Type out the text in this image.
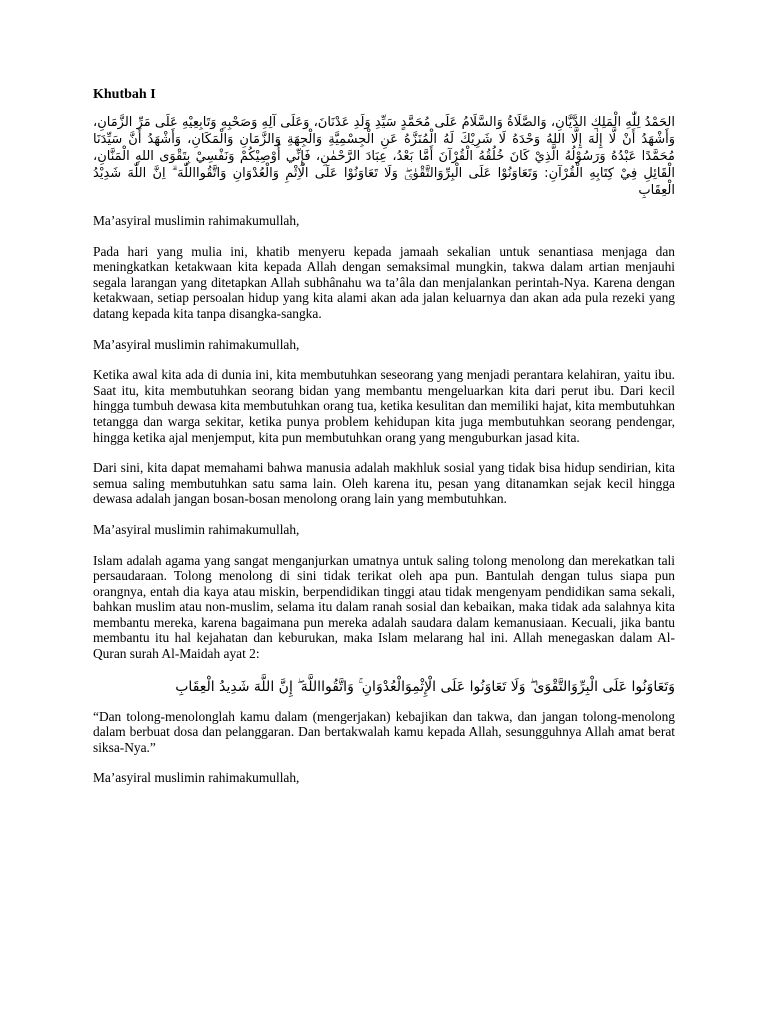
Khutbah I
الحَمْدُ لِلّٰهِ الْمَلِكِ الدَّيَّانِ، وَالصَّلَاةُ وَالسَّلَامُ عَلَى مُحَمَّدٍ سَيِّدِ وَلَدِ عَدْنَانَ، وَعَلَى آلِهِ وَصَحْبِهِ وَتَابِعِيْهِ عَلَى مَرِّ الزَّمَانِ، وَأَشْهَدُ أَنْ لَّا إِلٰهَ إِلَّا اللهُ وَحْدَهُ لَا شَرِيْكَ لَهُ الْمُنَزَّهُ عَنِ الْجِسْمِيَّةِ وَالْجِهَةِ وَالزَّمَانِ وَالْمَكَانِ، وَأَشْهَدُ أَنَّ سَيِّدَنَا مُحَمَّدًا عَبْدُهُ وَرَسُوْلُهُ الَّذِيْ كَانَ خُلُقُهُ الْقُرْآنَ أَمَّا بَعْدُ، عِبَادَ الرَّحْمٰنِ، فَإِنِّي أُوْصِيْكُمْ وَنَفْسِيْ بِتَقْوَى اللهِ الْمَنَّانِ، الْقَائِلِ فِيْ كِتَابِهِ الْقُرْآنِ: وَتَعَاوَنُوْا عَلَى الْبِرِّوَالتَّقْوٰىۖ وَلَا تَعَاوَنُوْا عَلَى الْاِثْمِ وَالْعُدْوَانِ وَاتَّقُوااللّٰهَ ۗ اِنَّ اللّٰهَ شَدِيْدُ الْعِقَابِ
Ma’asyiral muslimin rahimakumullah,
Pada hari yang mulia ini, khatib menyeru kepada jamaah sekalian untuk senantiasa menjaga dan meningkatkan ketakwaan kita kepada Allah dengan semaksimal mungkin, takwa dalam artian menjauhi segala larangan yang ditetapkan Allah subhânahu wa ta’âla dan menjalankan perintah-Nya. Karena dengan ketakwaan, setiap persoalan hidup yang kita alami akan ada jalan keluarnya dan akan ada pula rezeki yang datang kepada kita tanpa disangka-sangka.
Ma’asyiral muslimin rahimakumullah,
Ketika awal kita ada di dunia ini, kita membutuhkan seseorang yang menjadi perantara kelahiran, yaitu ibu. Saat itu, kita membutuhkan seorang bidan yang membantu mengeluarkan kita dari perut ibu. Dari kecil hingga tumbuh dewasa kita membutuhkan orang tua, ketika kesulitan dan memiliki hajat, kita membutuhkan tetangga dan warga sekitar, ketika punya problem kehidupan kita juga membutuhkan seorang pendengar, hingga ketika ajal menjemput, kita pun membutuhkan orang yang menguburkan jasad kita.
Dari sini, kita dapat memahami bahwa manusia adalah makhluk sosial yang tidak bisa hidup sendirian, kita semua saling membutuhkan satu sama lain. Oleh karena itu, pesan yang ditanamkan sejak kecil hingga dewasa adalah jangan bosan-bosan menolong orang lain yang membutuhkan.
Ma’asyiral muslimin rahimakumullah,
Islam adalah agama yang sangat menganjurkan umatnya untuk saling tolong menolong dan merekatkan tali persaudaraan. Tolong menolong di sini tidak terikat oleh apa pun. Bantulah dengan tulus siapa pun orangnya, entah dia kaya atau miskin, berpendidikan tinggi atau tidak mengenyam pendidikan sama sekali, bahkan muslim atau non-muslim, selama itu dalam ranah sosial dan kebaikan, maka tidak ada salahnya kita membantu mereka, karena bagaimana pun mereka adalah saudara dalam kemanusiaan. Kecuali, jika bantu membantu itu hal kejahatan dan keburukan, maka Islam melarang hal ini. Allah menegaskan dalam Al-Quran surah Al-Maidah ayat 2:
وَتَعَاوَنُوا عَلَى الْبِرِّوَالتَّقْوَىٰ ۖ وَلَا تَعَاوَنُوا عَلَى الْإِثْمِوَالْعُدْوَانِ ۚ وَاتَّقُوااللَّهَ ۖ إِنَّ اللَّهَ شَدِيدُ الْعِقَابِ
“Dan tolong-menolonglah kamu dalam (mengerjakan) kebajikan dan takwa, dan jangan tolong-menolong dalam berbuat dosa dan pelanggaran. Dan bertakwalah kamu kepada Allah, sesungguhnya Allah amat berat siksa-Nya.”
Ma’asyiral muslimin rahimakumullah,
